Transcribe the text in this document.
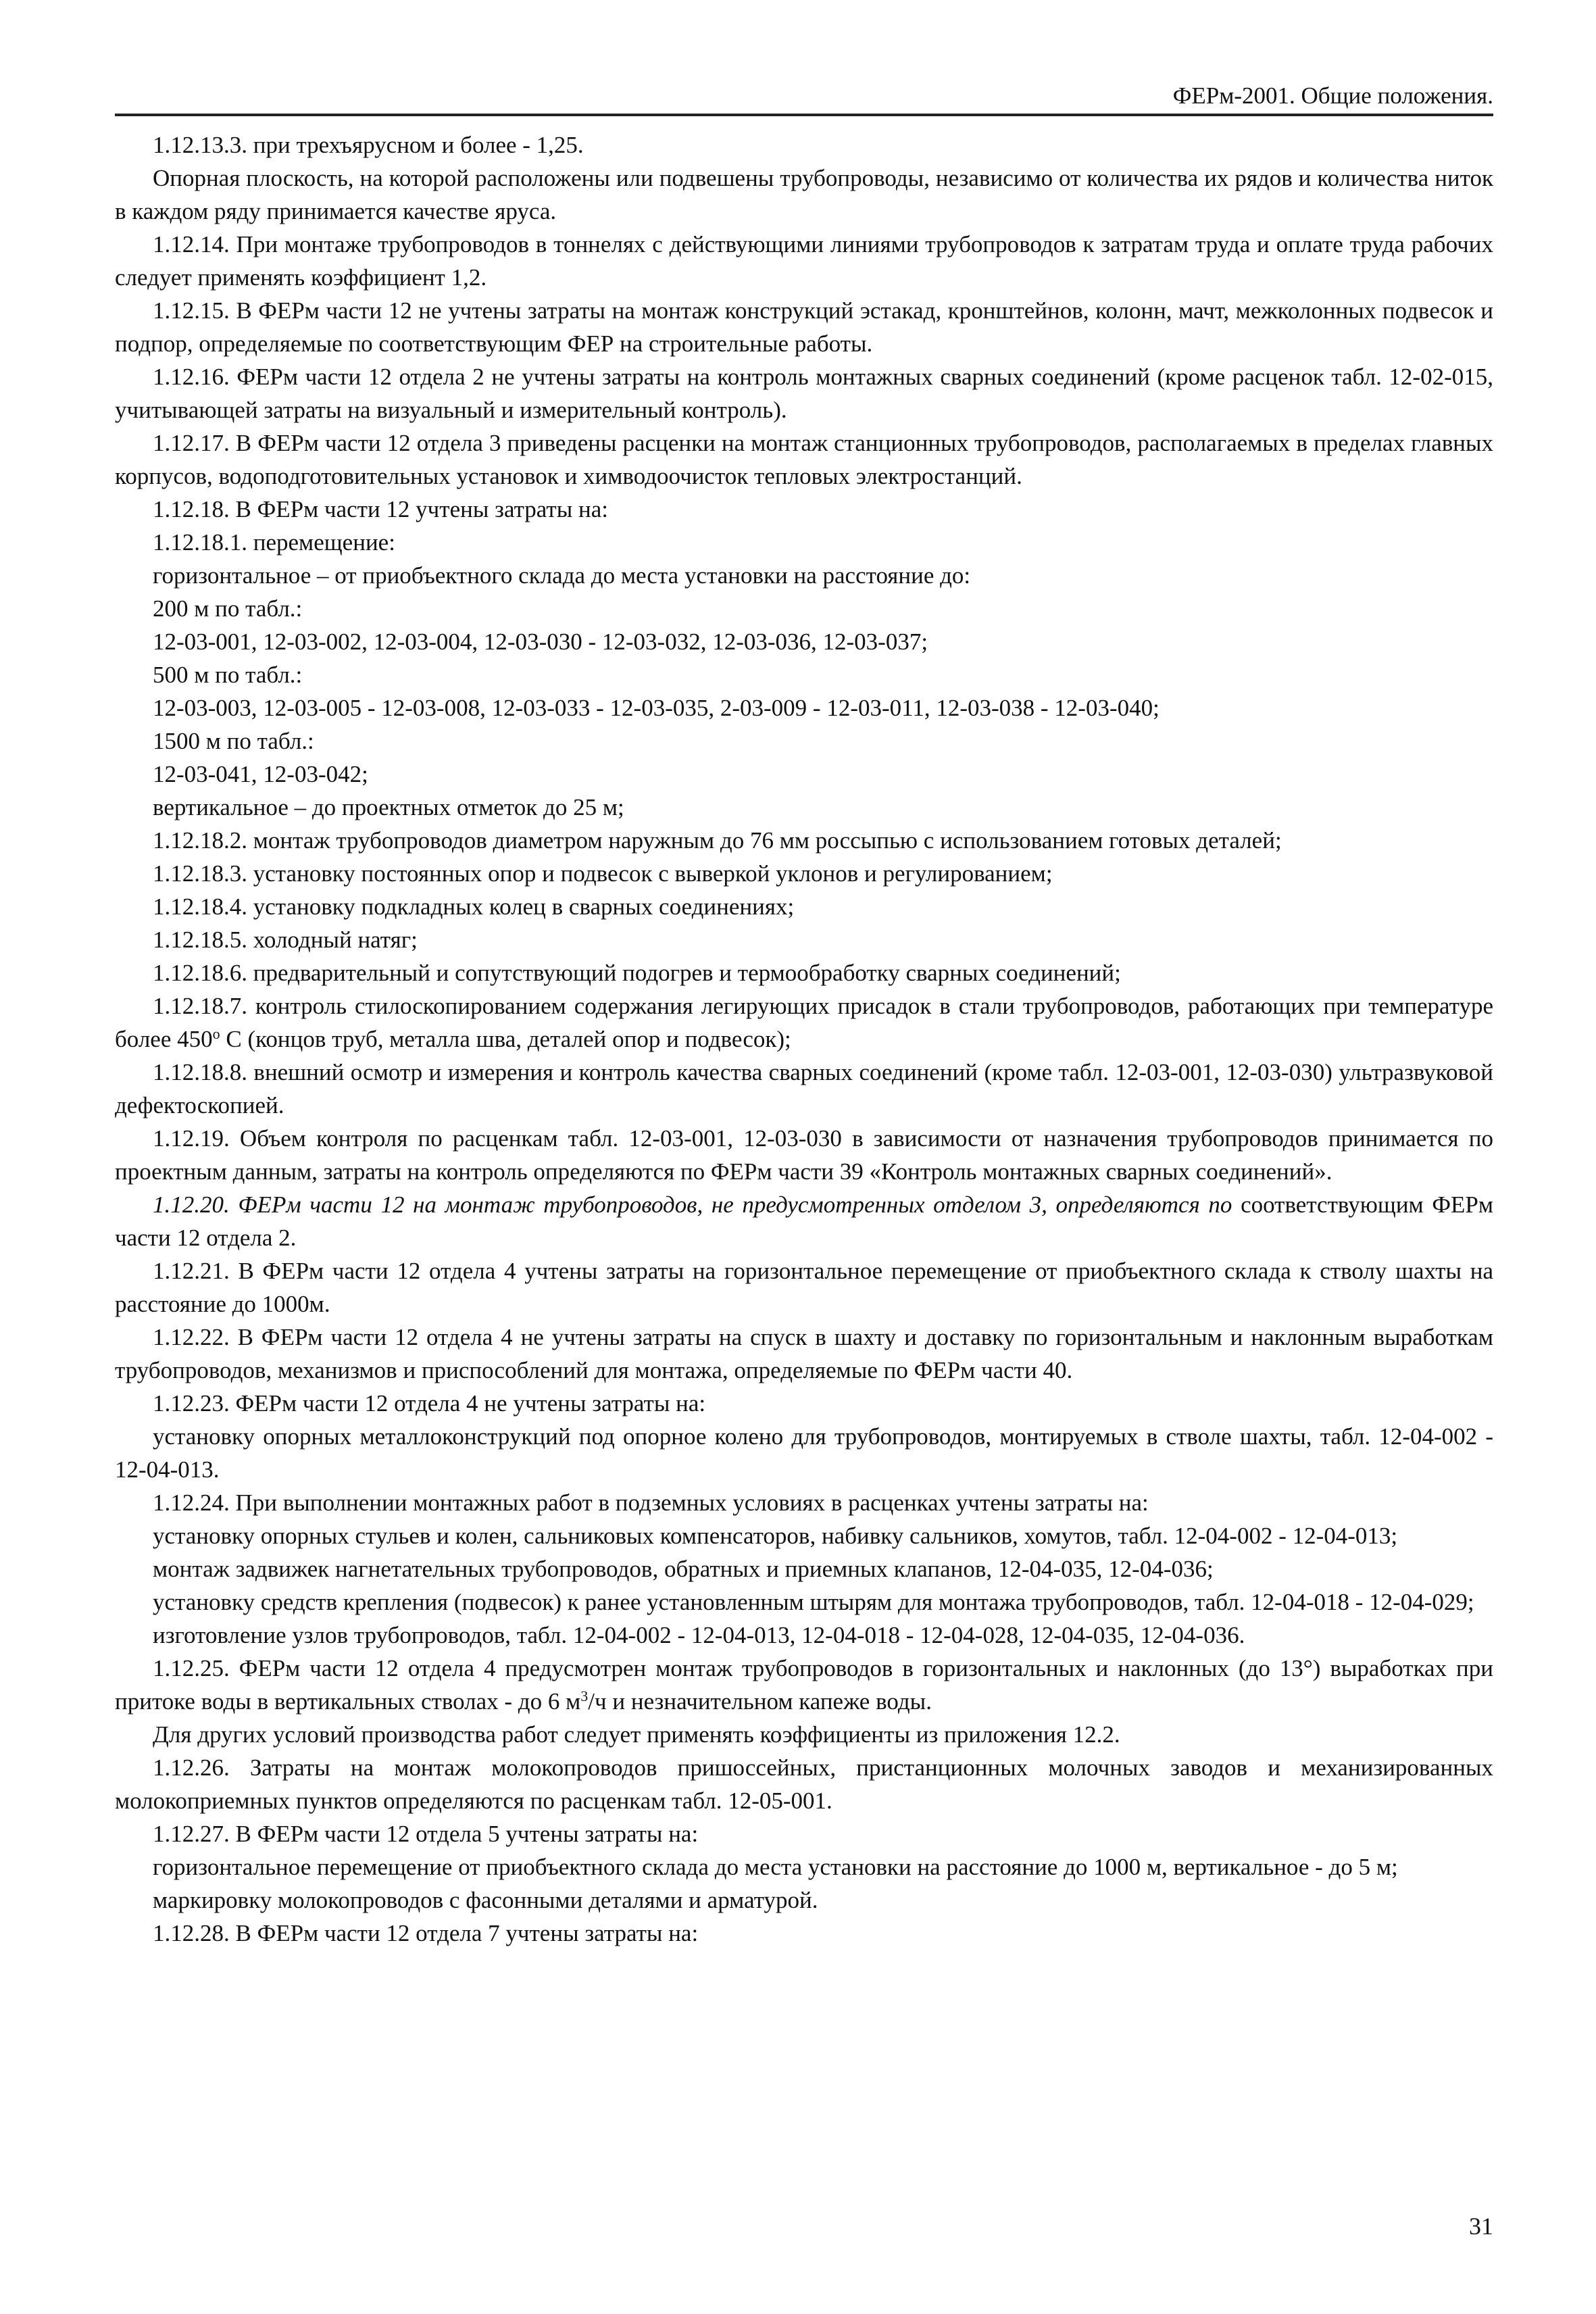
ФЕРм-2001. Общие положения.

1.12.13.3. при трехъярусном и более - 1,25.

Опорная плоскость, на которой расположены или подвешены трубопроводы, независимо от количества их рядов и количества ниток в каждом ряду принимается качестве яруса.

1.12.14. При монтаже трубопроводов в тоннелях с действующими линиями трубопроводов к затратам труда и оплате труда рабочих следует применять коэффициент 1,2.

1.12.15. В ФЕРм части 12 не учтены затраты на монтаж конструкций эстакад, кронштейнов, колонн, мачт, межколонных подвесок и подпор, определяемые по соответствующим ФЕР на строительные работы.

1.12.16. ФЕРм части 12 отдела 2 не учтены затраты на контроль монтажных сварных соединений (кроме расценок табл. 12-02-015, учитывающей затраты на визуальный и измерительный контроль).

1.12.17. В ФЕРм части 12 отдела 3 приведены расценки на монтаж станционных трубопроводов, располагаемых в пределах главных корпусов, водоподготовительных установок и химводоочисток тепловых электростанций.

1.12.18. В ФЕРм части 12 учтены затраты на:

1.12.18.1. перемещение:

горизонтальное – от приобъектного склада до места установки на расстояние до:

200 м по табл.:

12-03-001, 12-03-002, 12-03-004, 12-03-030 - 12-03-032, 12-03-036, 12-03-037;

500 м по табл.:

12-03-003, 12-03-005 - 12-03-008, 12-03-033 - 12-03-035, 2-03-009 - 12-03-011, 12-03-038 - 12-03-040;

1500 м по табл.:

12-03-041, 12-03-042;

вертикальное – до проектных отметок до 25 м;

1.12.18.2. монтаж трубопроводов диаметром наружным до 76 мм россыпью с использованием готовых деталей;

1.12.18.3. установку постоянных опор и подвесок с выверкой уклонов и регулированием;

1.12.18.4. установку подкладных колец в сварных соединениях;

1.12.18.5. холодный натяг;

1.12.18.6. предварительный и сопутствующий подогрев и термообработку сварных соединений;

1.12.18.7. контроль стилоскопированием содержания легирующих присадок в стали трубопроводов, работающих при температуре более $450^о$ С (концов труб, металла шва, деталей опор и подвесок);

1.12.18.8. внешний осмотр и измерения и контроль качества сварных соединений (кроме табл. 12-03-001, 12-03-030) ультразвуковой дефектоскопией.

1.12.19. Объем контроля по расценкам табл. 12-03-001, 12-03-030 в зависимости от назначения трубопроводов принимается по проектным данным, затраты на контроль определяются по ФЕРм части 39 «Контроль монтажных сварных соединений».

1.12.20. ФЕРм части 12 на монтаж трубопроводов, не предусмотренных отделом 3, определяются по соответствующим ФЕРм части 12 отдела 2.

1.12.21. В ФЕРм части 12 отдела 4 учтены затраты на горизонтальное перемещение от приобъектного склада к стволу шахты на расстояние до 1000м.

1.12.22. В ФЕРм части 12 отдела 4 не учтены затраты на спуск в шахту и доставку по горизонтальным и наклонным выработкам трубопроводов, механизмов и приспособлений для монтажа, определяемые по ФЕРм части 40.

1.12.23. ФЕРм части 12 отдела 4 не учтены затраты на:

установку опорных металлоконструкций под опорное колено для трубопроводов, монтируемых в стволе шахты, табл. 12-04-002 - 12-04-013.

1.12.24. При выполнении монтажных работ в подземных условиях в расценках учтены затраты на:

установку опорных стульев и колен, сальниковых компенсаторов, набивку сальников, хомутов, табл. 12-04-002 - 12-04-013;

монтаж задвижек нагнетательных трубопроводов, обратных и приемных клапанов, 12-04-035, 12-04-036;

установку средств крепления (подвесок) к ранее установленным штырям для монтажа трубопроводов, табл. 12-04-018 - 12-04-029;

изготовление узлов трубопроводов, табл. 12-04-002 - 12-04-013, 12-04-018 - 12-04-028, 12-04-035, 12-04-036.

1.12.25. ФЕРм части 12 отдела 4 предусмотрен монтаж трубопроводов в горизонтальных и наклонных (до 13°) выработках при притоке воды в вертикальных стволах - до 6 $м^3/ч$ и незначительном капеже воды.

Для других условий производства работ следует применять коэффициенты из приложения 12.2.

1.12.26. Затраты на монтаж молокопроводов пришоссейных, пристанционных молочных заводов и механизированных молокоприемных пунктов определяются по расценкам табл. 12-05-001.

1.12.27. В ФЕРм части 12 отдела 5 учтены затраты на:

горизонтальное перемещение от приобъектного склада до места установки на расстояние до 1000 м, вертикальное - до 5 м;

маркировку молокопроводов с фасонными деталями и арматурой.

1.12.28. В ФЕРм части 12 отдела 7 учтены затраты на:

31
